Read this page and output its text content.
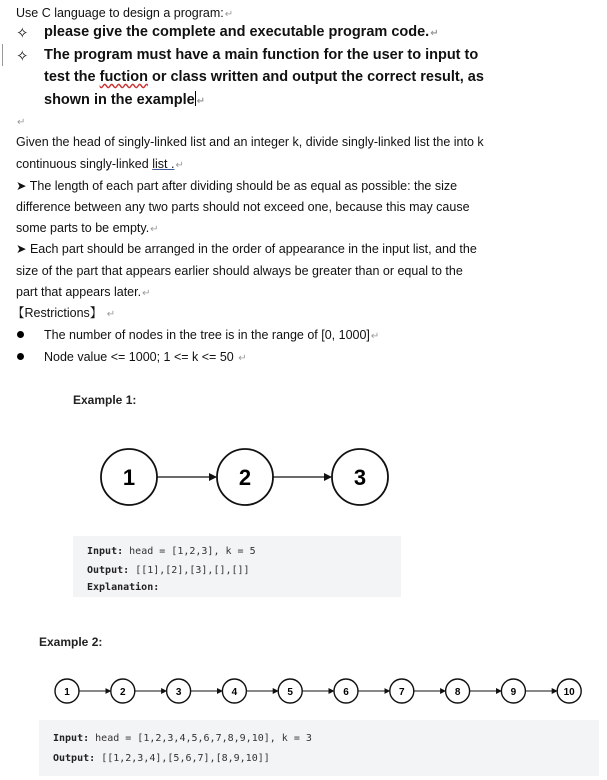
Use C language to design a program:↵
✧ please give the complete and executable program code.↵
✧ The program must have a main function for the user to input to
test the fuction or class written and output the correct result, as
shown in the example ↵
↵
Given the head of singly-linked list and an integer k, divide singly-linked list the into k
continuous singly-linked list .↵
➤ The length of each part after dividing should be as equal as possible: the size
difference between any two parts should not exceed one, because this may cause
some parts to be empty.↵
➤ Each part should be arranged in the order of appearance in the input list, and the
size of the part that appears earlier should always be greater than or equal to the
part that appears later.↵
【Restrictions】 ↵
The number of nodes in the tree is in the range of [0, 1000]↵
Node value <= 1000; 1 <= k <= 50 ↵
Example 1:
1	2	3
Input: head = [1,2,3], k = 5
Output: [[1],[2],[3],[],[]]
Explanation:
Example 2:
1	2	3	4	5	6	7	8	9	10
Input: head = [1,2,3,4,5,6,7,8,9,10], k = 3
Output: [[1,2,3,4],[5,6,7],[8,9,10]]
